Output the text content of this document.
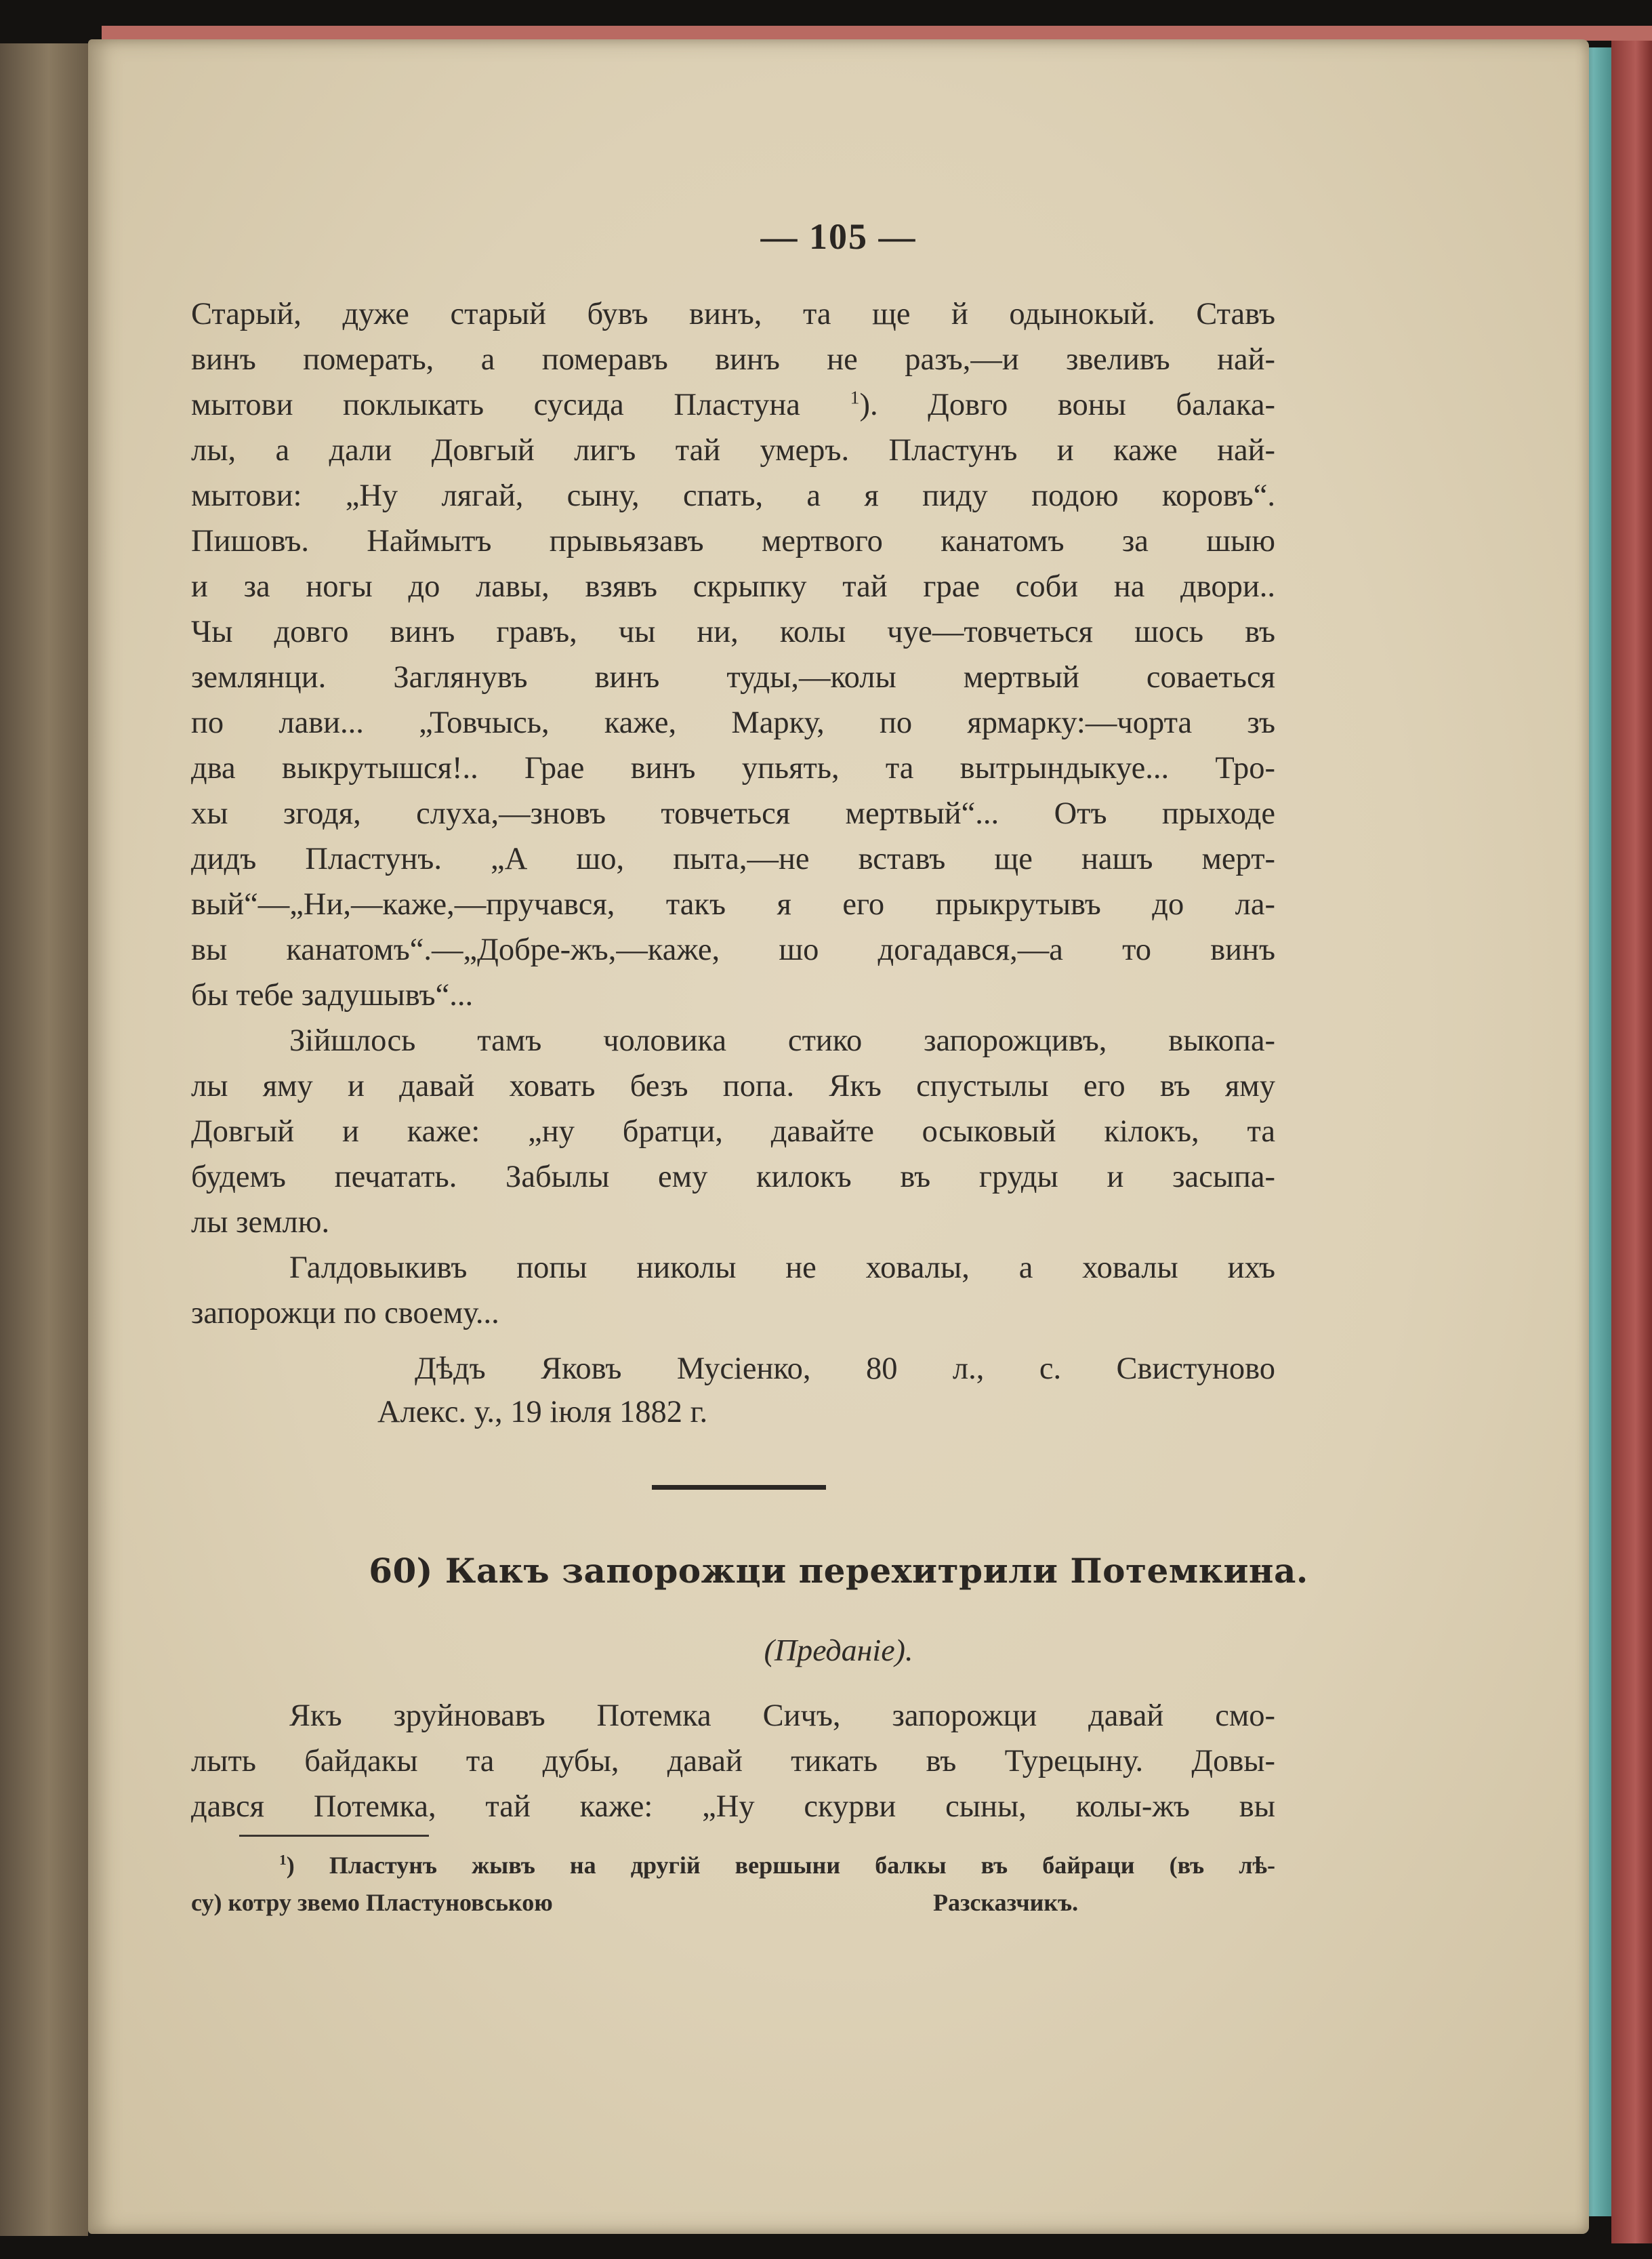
— 105 —
Старый, дуже старый бувъ винъ, та ще й одынокый. Ставъ
винъ померать, а померавъ винъ не разъ,—и звеливъ най-
мытови поклыкать сусида Пластуна	$^1$). Довго воны балака-
лы, а дали Довгый лигъ тай умеръ. Пластунъ и каже най-
мытови: „Ну лягай, сыну, спать, а я пиду подою коровъ“.
Пишовъ. Наймытъ прывьязавъ мертвого канатомъ за шыю
и за ногы до лавы, взявъ скрыпку тай грае соби на двори..
Чы довго винъ гравъ, чы ни, колы чуе—товчеться шось въ
землянци. Заглянувъ винъ туды,—колы мертвый соваеться
по лави... „Товчысь, каже, Марку, по ярмарку:—чорта зъ
два выкрутышся!.. Грае винъ упьять, та вытрындыкуе... Тро-
хы згодя, слуха,—зновъ товчеться мертвый“... Отъ прыходе
дидъ Пластунъ. „А шо, пыта,—не вставъ ще нашъ мерт-
вый“—„Ни,—каже,—пручався, такъ я его прыкрутывъ до ла-
вы канатомъ“.—„Добре-жъ,—каже, шо догадався,—а то винъ
бы тебе задушывъ“...
Зійшлось тамъ чоловика стико запорожцивъ, выкопа-
лы яму и давай ховать безъ попа. Якъ спустылы его въ яму
Довгый и каже: „ну братци, давайте осыковый кілокъ, та
будемъ печатать. Забылы ему килокъ въ груды и засыпа-
лы землю.
Галдовыкивъ попы николы не ховалы, а ховалы ихъ
запорожци по своему...
Дѣдъ Яковъ Мусіенко, 80 л., с. Свистуново
Алекс. у., 19 іюля 1882 г.
60) Какъ запорожци перехитрили Потемкина.
(Преданіе).
Якъ зруйновавъ Потемка Сичъ, запорожци давай смо-
лыть байдакы та дубы, давай тикать въ Турецыну. Довы-
дався Потемка, тай каже: „Ну скурви сыны, колы-жъ вы
$^1$) Пластунъ жывъ на другій вершыни балкы въ байраци (въ лѣ-
су) котру звемо Пластуновською	Разсказчикъ.
